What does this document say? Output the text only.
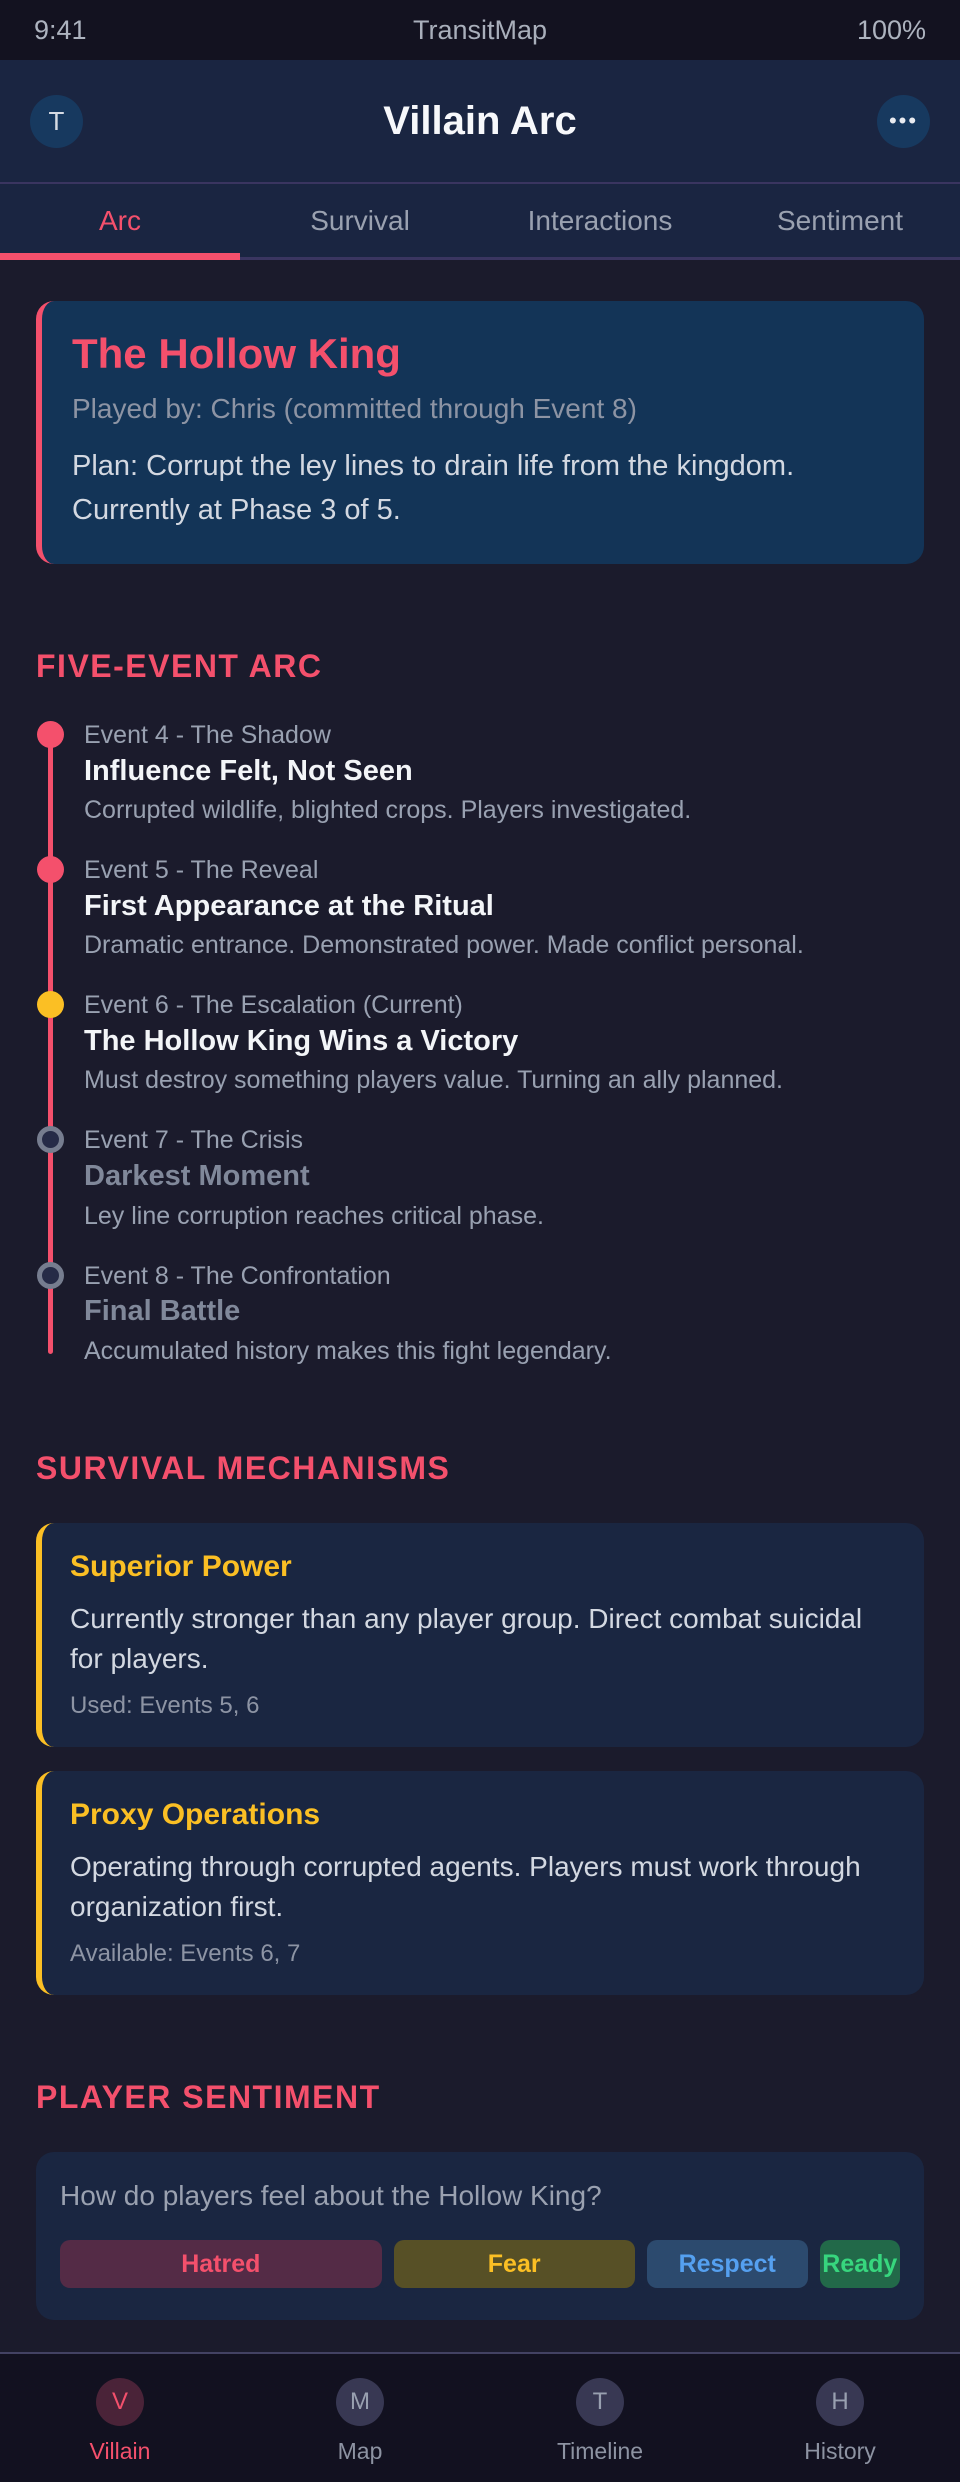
9:41	TransitMap	100%
T	Villain Arc	•••
Arc	Survival	Interactions	Sentiment
The Hollow King
Played by: Chris (committed through Event 8)
Plan: Corrupt the ley lines to drain life from the kingdom. Currently at Phase 3 of 5.
FIVE-EVENT ARC
Event 4 - The Shadow
Influence Felt, Not Seen
Corrupted wildlife, blighted crops. Players investigated.
Event 5 - The Reveal
First Appearance at the Ritual
Dramatic entrance. Demonstrated power. Made conflict personal.
Event 6 - The Escalation (Current)
The Hollow King Wins a Victory
Must destroy something players value. Turning an ally planned.
Event 7 - The Crisis
Darkest Moment
Ley line corruption reaches critical phase.
Event 8 - The Confrontation
Final Battle
Accumulated history makes this fight legendary.
SURVIVAL MECHANISMS
Superior Power
Currently stronger than any player group. Direct combat suicidal for players.
Used: Events 5, 6
Proxy Operations
Operating through corrupted agents. Players must work through organization first.
Available: Events 6, 7
PLAYER SENTIMENT
How do players feel about the Hollow King?
Hatred	Fear	Respect	Ready
V
Villain
M
Map
T
Timeline
H
History
